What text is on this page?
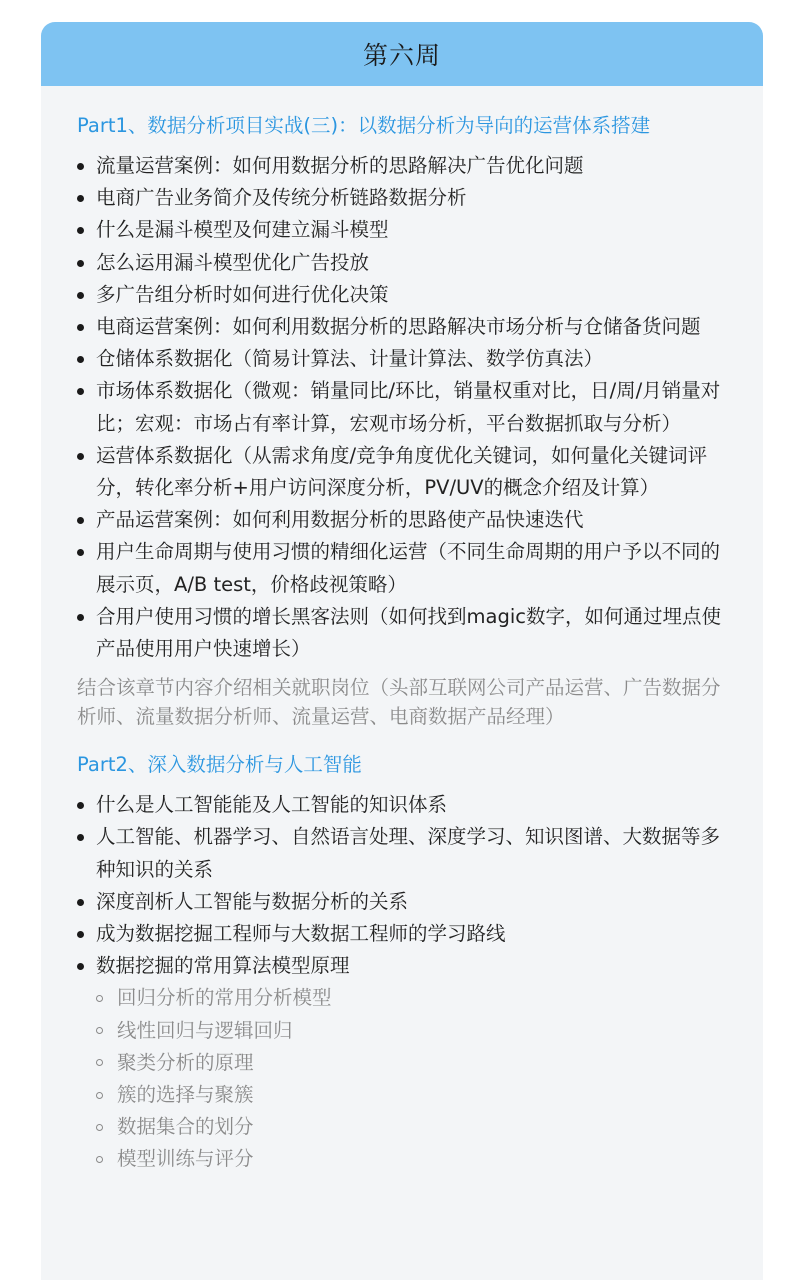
第六周
Part1、数据分析项目实战(三)：以数据分析为导向的运营体系搭建
流量运营案例：如何用数据分析的思路解决广告优化问题
电商广告业务简介及传统分析链路数据分析
什么是漏斗模型及何建立漏斗模型
怎么运用漏斗模型优化广告投放
多广告组分析时如何进行优化决策
电商运营案例：如何利用数据分析的思路解决市场分析与仓储备货问题
仓储体系数据化（简易计算法、计量计算法、数学仿真法）
市场体系数据化（微观：销量同比/环比，销量权重对比，日/周/月销量对比；宏观：市场占有率计算，宏观市场分析，平台数据抓取与分析）
运营体系数据化（从需求角度/竞争角度优化关键词，如何量化关键词评分，转化率分析+用户访问深度分析，PV/UV的概念介绍及计算）
产品运营案例：如何利用数据分析的思路使产品快速迭代
用户生命周期与使用习惯的精细化运营（不同生命周期的用户予以不同的展示页，A/B test，价格歧视策略）
合用户使用习惯的增长黑客法则（如何找到magic数字，如何通过埋点使产品使用用户快速增长）
结合该章节内容介绍相关就职岗位（头部互联网公司产品运营、广告数据分析师、流量数据分析师、流量运营、电商数据产品经理）
Part2、深入数据分析与人工智能
什么是人工智能能及人工智能的知识体系
人工智能、机器学习、自然语言处理、深度学习、知识图谱、大数据等多种知识的关系
深度剖析人工智能与数据分析的关系
成为数据挖掘工程师与大数据工程师的学习路线
数据挖掘的常用算法模型原理
回归分析的常用分析模型
线性回归与逻辑回归
聚类分析的原理
簇的选择与聚簇
数据集合的划分
模型训练与评分
